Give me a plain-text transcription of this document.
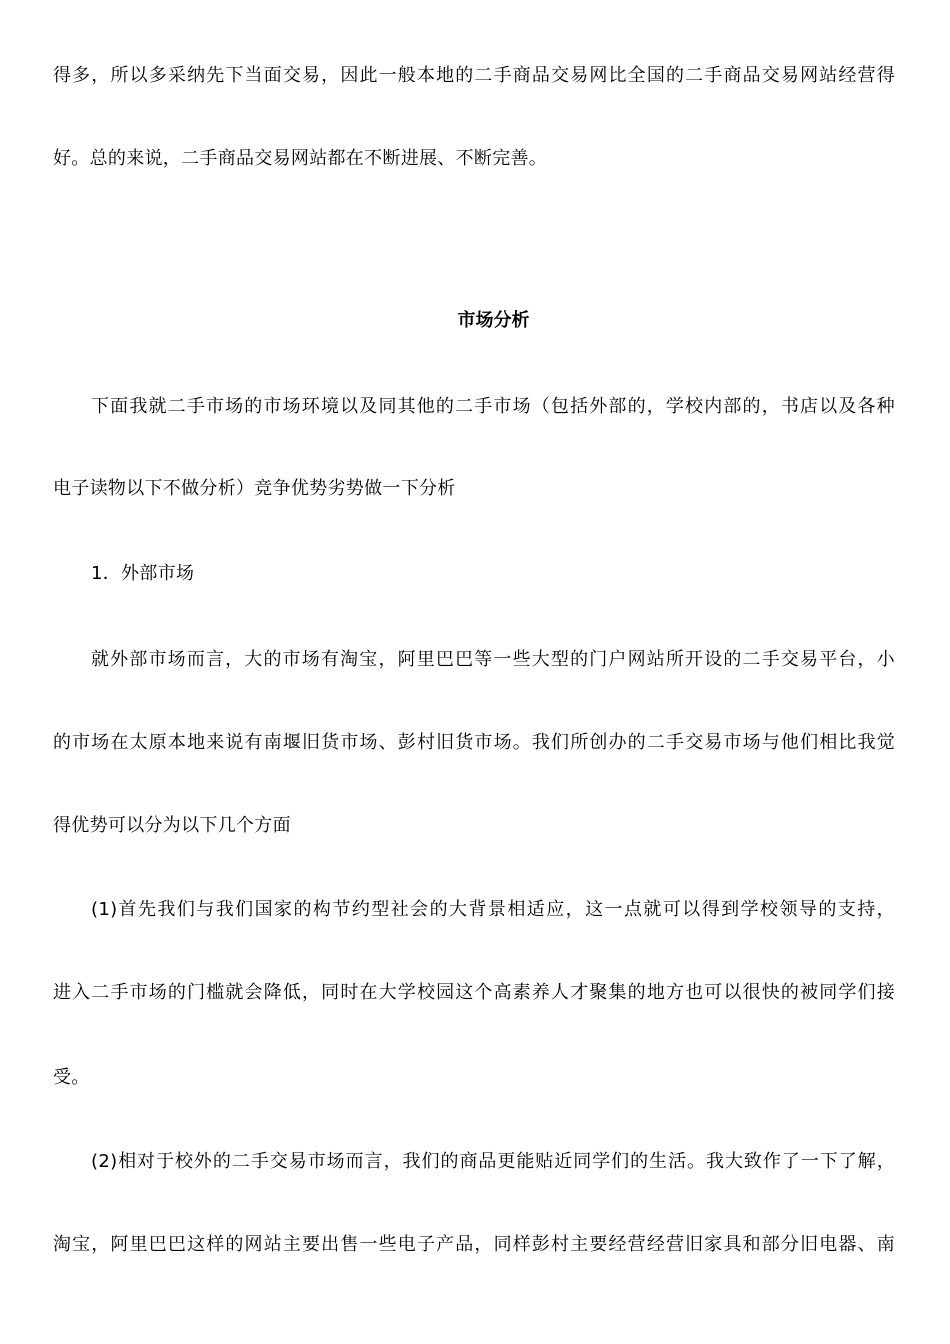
得多，所以多采纳先下当面交易，因此一般本地的二手商品交易网比全国的二手商品交易网站经营得
好。总的来说，二手商品交易网站都在不断进展、不断完善。
市场分析
下面我就二手市场的市场环境以及同其他的二手市场（包括外部的，学校内部的，书店以及各种
电子读物以下不做分析）竞争优势劣势做一下分析
1．外部市场
就外部市场而言，大的市场有淘宝，阿里巴巴等一些大型的门户网站所开设的二手交易平台，小
的市场在太原本地来说有南堰旧货市场、彭村旧货市场。我们所创办的二手交易市场与他们相比我觉
得优势可以分为以下几个方面
(1)首先我们与我们国家的构节约型社会的大背景相适应，这一点就可以得到学校领导的支持，
进入二手市场的门槛就会降低，同时在大学校园这个高素养人才聚集的地方也可以很快的被同学们接
受。
(2)相对于校外的二手交易市场而言，我们的商品更能贴近同学们的生活。我大致作了一下了解，
淘宝，阿里巴巴这样的网站主要出售一些电子产品，同样彭村主要经营经营旧家具和部分旧电器、南
